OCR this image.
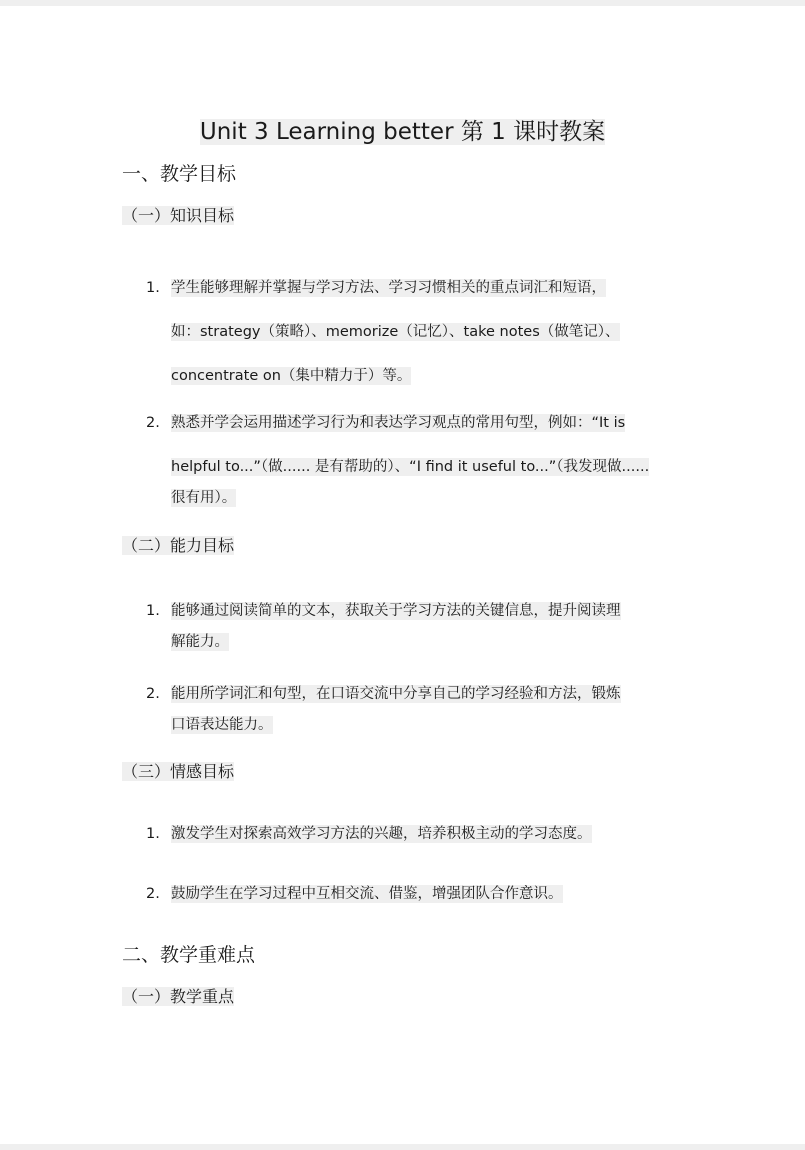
Unit 3 Learning better 第 1 课时教案
一、教学目标
（一）知识目标
1. 学生能够理解并掌握与学习方法、学习习惯相关的重点词汇和短语，
如：strategy（策略）、memorize（记忆）、take notes（做笔记）、
concentrate on（集中精力于）等。
2. 熟悉并学会运用描述学习行为和表达学习观点的常用句型，例如：“It is
helpful to...”（做...... 是有帮助的）、“I find it useful to...”（我发现做......
很有用）。
（二）能力目标
1. 能够通过阅读简单的文本，获取关于学习方法的关键信息，提升阅读理
解能力。
2. 能用所学词汇和句型，在口语交流中分享自己的学习经验和方法，锻炼
口语表达能力。
（三）情感目标
1. 激发学生对探索高效学习方法的兴趣，培养积极主动的学习态度。
2. 鼓励学生在学习过程中互相交流、借鉴，增强团队合作意识。
二、教学重难点
（一）教学重点
